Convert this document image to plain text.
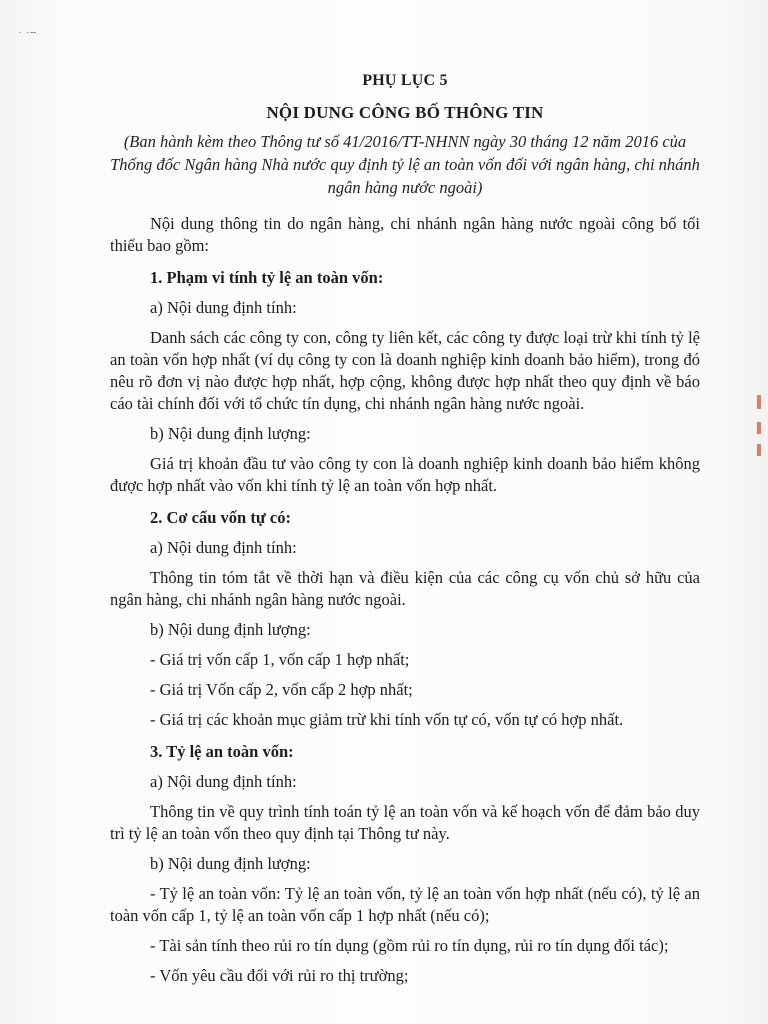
· ·╌
PHỤ LỤC 5
NỘI DUNG CÔNG BỐ THÔNG TIN
(Ban hành kèm theo Thông tư số 41/2016/TT-NHNN ngày 30 tháng 12 năm 2016 của Thống đốc Ngân hàng Nhà nước quy định tỷ lệ an toàn vốn đối với ngân hàng, chi nhánh ngân hàng nước ngoài)
Nội dung thông tin do ngân hàng, chi nhánh ngân hàng nước ngoài công bố tối thiểu bao gồm:
1. Phạm vi tính tỷ lệ an toàn vốn:
a) Nội dung định tính:
Danh sách các công ty con, công ty liên kết, các công ty được loại trừ khi tính tỷ lệ an toàn vốn hợp nhất (ví dụ công ty con là doanh nghiệp kinh doanh bảo hiểm), trong đó nêu rõ đơn vị nào được hợp nhất, hợp cộng, không được hợp nhất theo quy định về báo cáo tài chính đối với tổ chức tín dụng, chi nhánh ngân hàng nước ngoài.
b) Nội dung định lượng:
Giá trị khoản đầu tư vào công ty con là doanh nghiệp kinh doanh bảo hiểm không được hợp nhất vào vốn khi tính tỷ lệ an toàn vốn hợp nhất.
2. Cơ cấu vốn tự có:
a) Nội dung định tính:
Thông tin tóm tắt về thời hạn và điều kiện của các công cụ vốn chủ sở hữu của ngân hàng, chi nhánh ngân hàng nước ngoài.
b) Nội dung định lượng:
- Giá trị vốn cấp 1, vốn cấp 1 hợp nhất;
- Giá trị Vốn cấp 2, vốn cấp 2 hợp nhất;
- Giá trị các khoản mục giảm trừ khi tính vốn tự có, vốn tự có hợp nhất.
3. Tỷ lệ an toàn vốn:
a) Nội dung định tính:
Thông tin về quy trình tính toán tỷ lệ an toàn vốn và kế hoạch vốn để đảm bảo duy trì tỷ lệ an toàn vốn theo quy định tại Thông tư này.
b) Nội dung định lượng:
- Tỷ lệ an toàn vốn: Tỷ lệ an toàn vốn, tỷ lệ an toàn vốn hợp nhất (nếu có), tỷ lệ an toàn vốn cấp 1, tỷ lệ an toàn vốn cấp 1 hợp nhất (nếu có);
- Tài sản tính theo rủi ro tín dụng (gồm rủi ro tín dụng, rủi ro tín dụng đối tác);
- Vốn yêu cầu đối với rủi ro thị trường;
